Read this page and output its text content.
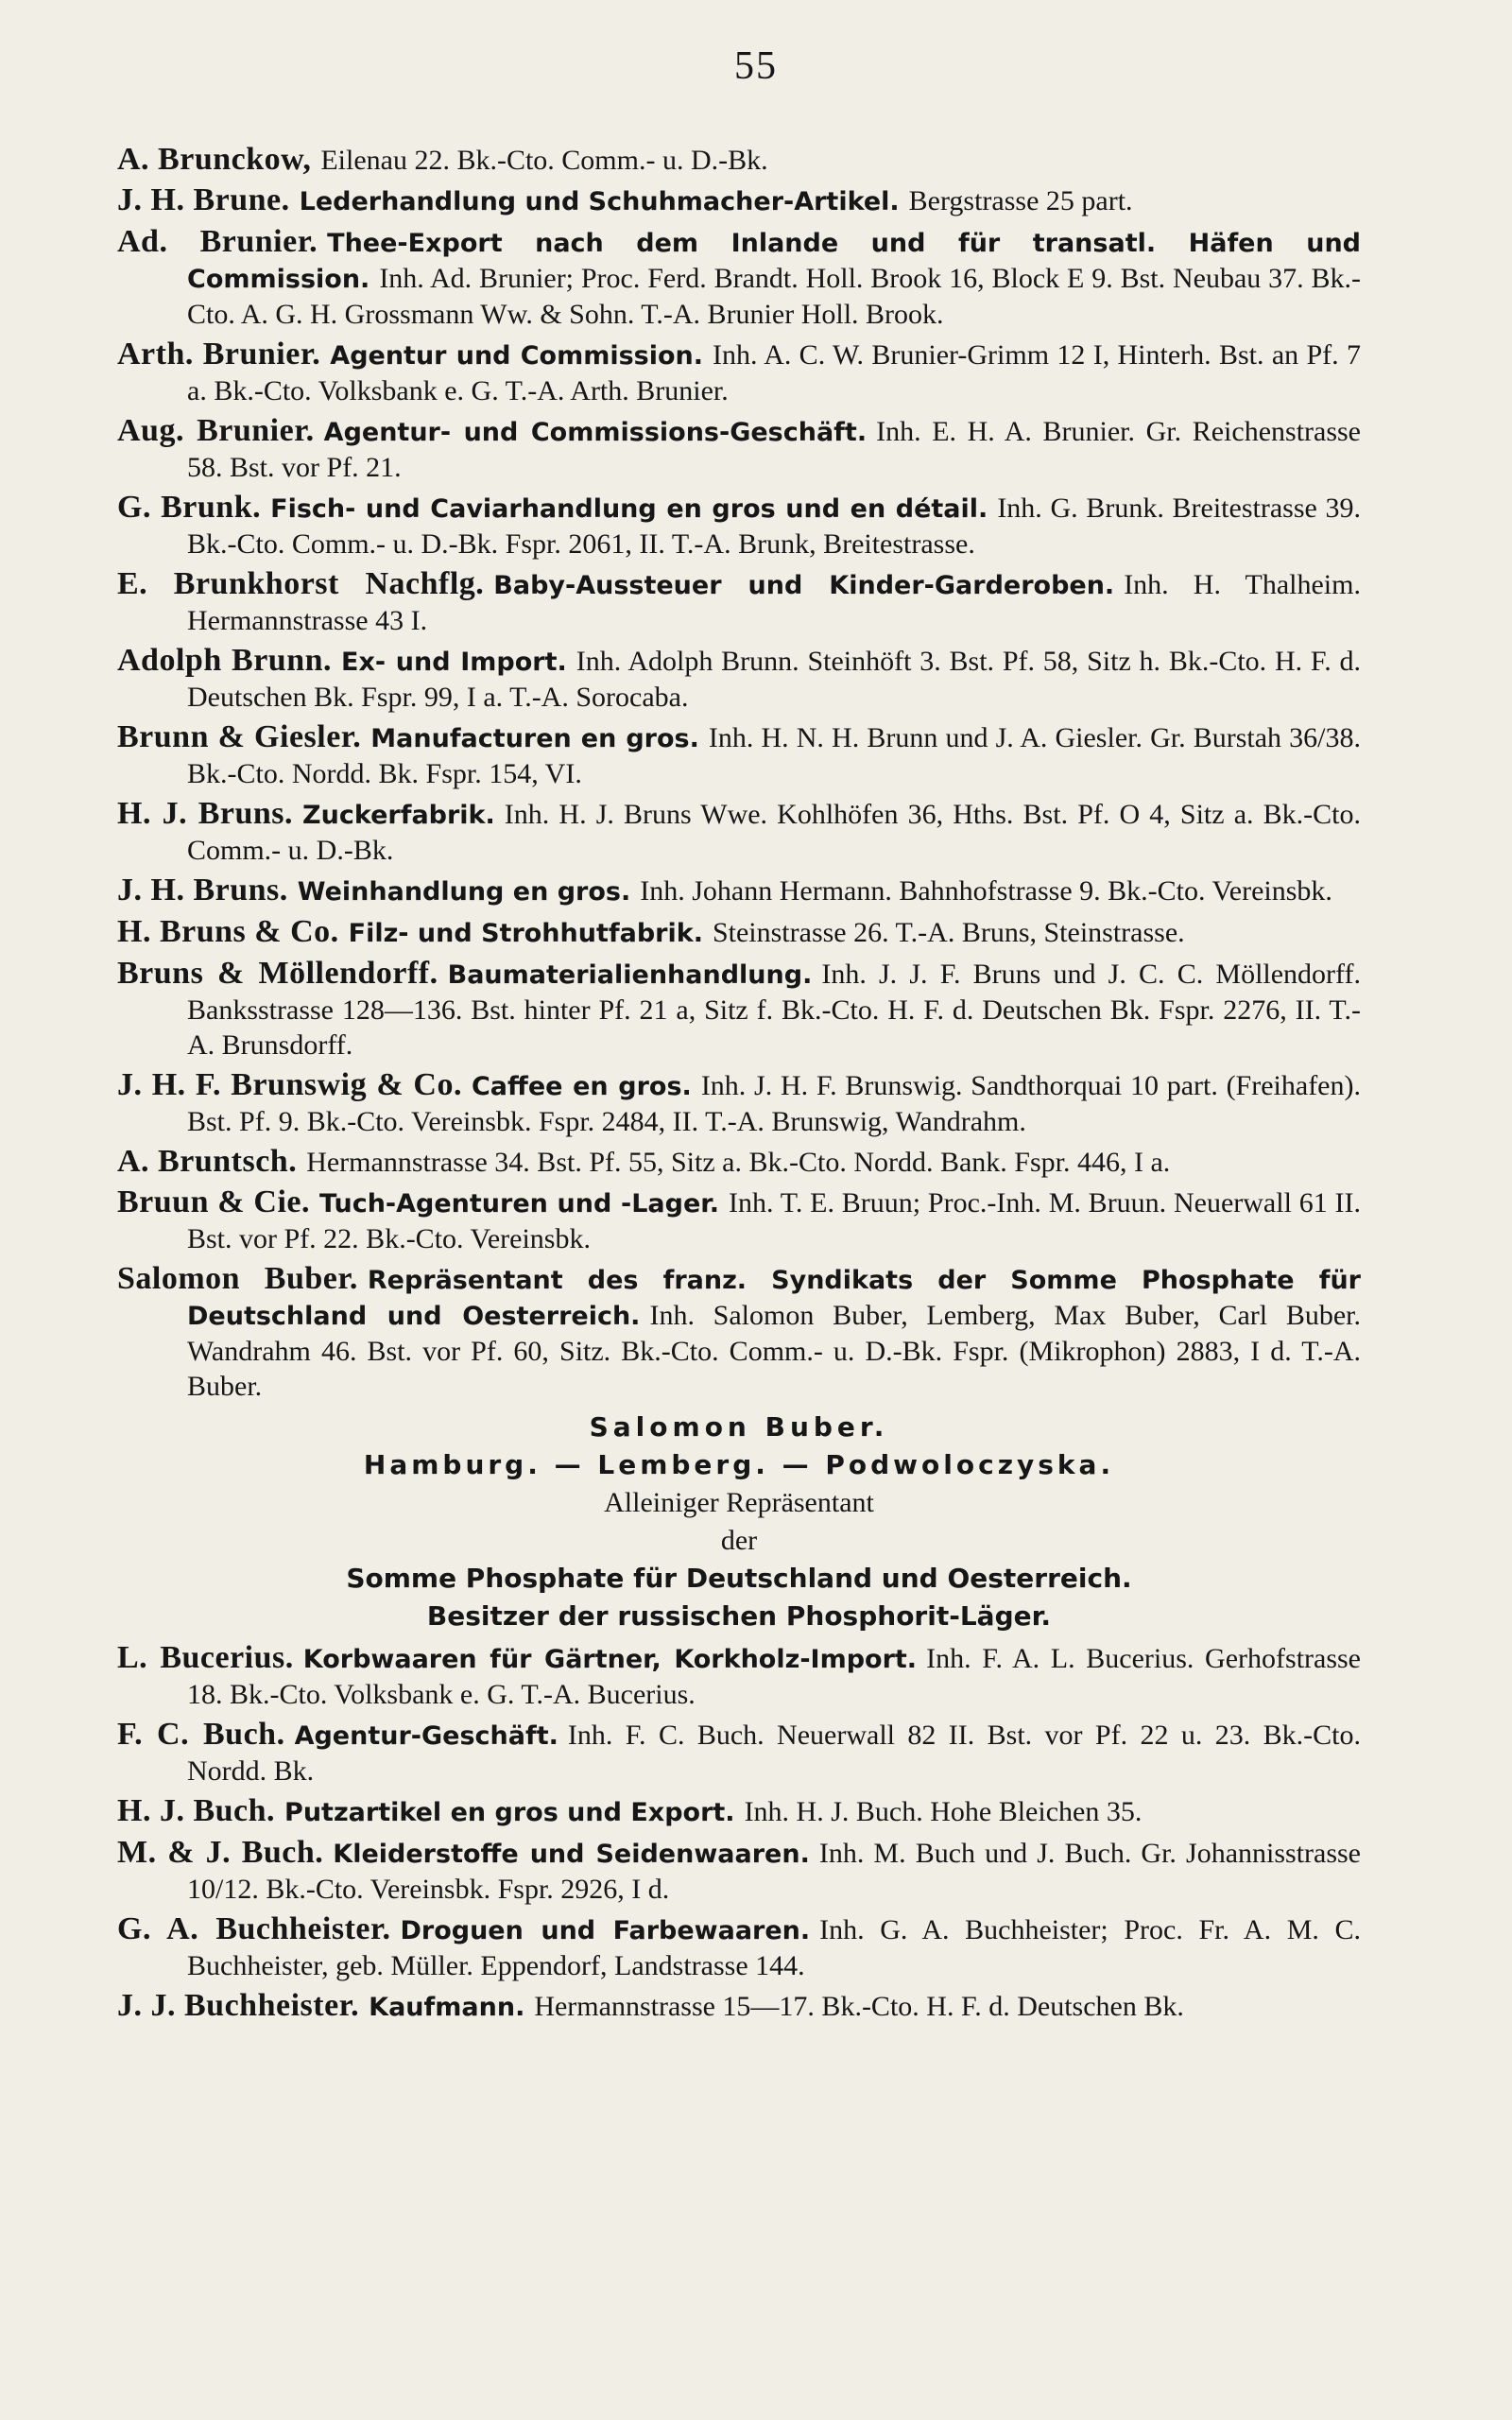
55

A. Brunckow, Eilenau 22. Bk.-Cto. Comm.- u. D.-Bk.

J. H. Brune. Lederhandlung und Schuhmacher-Artikel. Bergstrasse 25 part.

Ad. Brunier. Thee-Export nach dem Inlande und für transatl. Häfen und Commission. Inh. Ad. Brunier; Proc. Ferd. Brandt. Holl. Brook 16, Block E 9. Bst. Neubau 37. Bk.-Cto. A. G. H. Grossmann Ww. & Sohn. T.-A. Brunier Holl. Brook.

Arth. Brunier. Agentur und Commission. Inh. A. C. W. Brunier-Grimm 12 I, Hinterh. Bst. an Pf. 7 a. Bk.-Cto. Volksbank e. G. T.-A. Arth. Brunier.

Aug. Brunier. Agentur- und Commissions-Geschäft. Inh. E. H. A. Brunier. Gr. Reichenstrasse 58. Bst. vor Pf. 21.

G. Brunk. Fisch- und Caviarhandlung en gros und en détail. Inh. G. Brunk. Breitestrasse 39. Bk.-Cto. Comm.- u. D.-Bk. Fspr. 2061, II. T.-A. Brunk, Breitestrasse.

E. Brunkhorst Nachflg. Baby-Aussteuer und Kinder-Garderoben. Inh. H. Thalheim. Hermannstrasse 43 I.

Adolph Brunn. Ex- und Import. Inh. Adolph Brunn. Steinhöft 3. Bst. Pf. 58, Sitz h. Bk.-Cto. H. F. d. Deutschen Bk. Fspr. 99, I a. T.-A. Sorocaba.

Brunn & Giesler. Manufacturen en gros. Inh. H. N. H. Brunn und J. A. Giesler. Gr. Burstah 36/38. Bk.-Cto. Nordd. Bk. Fspr. 154, VI.

H. J. Bruns. Zuckerfabrik. Inh. H. J. Bruns Wwe. Kohlhöfen 36, Hths. Bst. Pf. O 4, Sitz a. Bk.-Cto. Comm.- u. D.-Bk.

J. H. Bruns. Weinhandlung en gros. Inh. Johann Hermann. Bahnhofstrasse 9. Bk.-Cto. Vereinsbk.

H. Bruns & Co. Filz- und Strohhutfabrik. Steinstrasse 26. T.-A. Bruns, Steinstrasse.

Bruns & Möllendorff. Baumaterialienhandlung. Inh. J. J. F. Bruns und J. C. C. Möllendorff. Banksstrasse 128—136. Bst. hinter Pf. 21 a, Sitz f. Bk.-Cto. H. F. d. Deutschen Bk. Fspr. 2276, II. T.-A. Brunsdorff.

J. H. F. Brunswig & Co. Caffee en gros. Inh. J. H. F. Brunswig. Sandthorquai 10 part. (Freihafen). Bst. Pf. 9. Bk.-Cto. Vereinsbk. Fspr. 2484, II. T.-A. Brunswig, Wandrahm.

A. Bruntsch. Hermannstrasse 34. Bst. Pf. 55, Sitz a. Bk.-Cto. Nordd. Bank. Fspr. 446, I a.

Bruun & Cie. Tuch-Agenturen und -Lager. Inh. T. E. Bruun; Proc.-Inh. M. Bruun. Neuerwall 61 II. Bst. vor Pf. 22. Bk.-Cto. Vereinsbk.

Salomon Buber. Repräsentant des franz. Syndikats der Somme Phosphate für Deutschland und Oesterreich. Inh. Salomon Buber, Lemberg, Max Buber, Carl Buber. Wandrahm 46. Bst. vor Pf. 60, Sitz. Bk.-Cto. Comm.- u. D.-Bk. Fspr. (Mikrophon) 2883, I d. T.-A. Buber.

Salomon Buber.
Hamburg. — Lemberg. — Podwoloczyska.
Alleiniger Repräsentant
der
Somme Phosphate für Deutschland und Oesterreich.
Besitzer der russischen Phosphorit-Läger.

L. Bucerius. Korbwaaren für Gärtner, Korkholz-Import. Inh. F. A. L. Bucerius. Gerhofstrasse 18. Bk.-Cto. Volksbank e. G. T.-A. Bucerius.

F. C. Buch. Agentur-Geschäft. Inh. F. C. Buch. Neuerwall 82 II. Bst. vor Pf. 22 u. 23. Bk.-Cto. Nordd. Bk.

H. J. Buch. Putzartikel en gros und Export. Inh. H. J. Buch. Hohe Bleichen 35.

M. & J. Buch. Kleiderstoffe und Seidenwaaren. Inh. M. Buch und J. Buch. Gr. Johannisstrasse 10/12. Bk.-Cto. Vereinsbk. Fspr. 2926, I d.

G. A. Buchheister. Droguen und Farbewaaren. Inh. G. A. Buchheister; Proc. Fr. A. M. C. Buchheister, geb. Müller. Eppendorf, Landstrasse 144.

J. J. Buchheister. Kaufmann. Hermannstrasse 15—17. Bk.-Cto. H. F. d. Deutschen Bk.
